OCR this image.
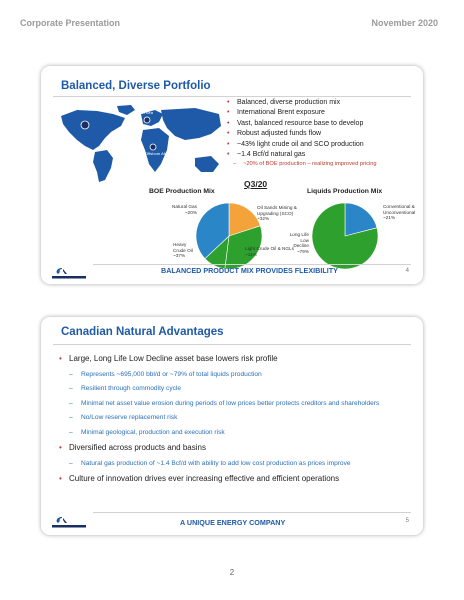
Corporate Presentation	November 2020
Balanced, Diverse Portfolio
North Sea
Offshore Africa
• Balanced, diverse production mix
• International Brent exposure
• Vast, balanced resource base to develop
• Robust adjusted funds flow
• ~43% light crude oil and SCO production
• ~1.4 Bcf/d natural gas
– ~20% of BOE production – realizing improved pricing
Q3/20
BOE Production Mix	Liquids Production Mix
Natural Gas ~20%
Oil Sands Mining & Upgrading (SCO) ~32%
Heavy Crude Oil ~37%
Light Crude Oil & NGLs ~11%
Conventional & Unconventional ~21%
Long Life Low Decline ~79%
BALANCED PRODUCT MIX PROVIDES FLEXIBILITY	4
Canadian Natural Advantages
• Large, Long Life Low Decline asset base lowers risk profile
– Represents ~695,000 bbl/d or ~79% of total liquids production
– Resilient through commodity cycle
– Minimal net asset value erosion during periods of low prices better protects creditors and shareholders
– No/Low reserve replacement risk
– Minimal geological, production and execution risk
• Diversified across products and basins
– Natural gas production of ~1.4 Bcf/d with ability to add low cost production as prices improve
• Culture of innovation drives ever increasing effective and efficient operations
A UNIQUE ENERGY COMPANY	5
2
